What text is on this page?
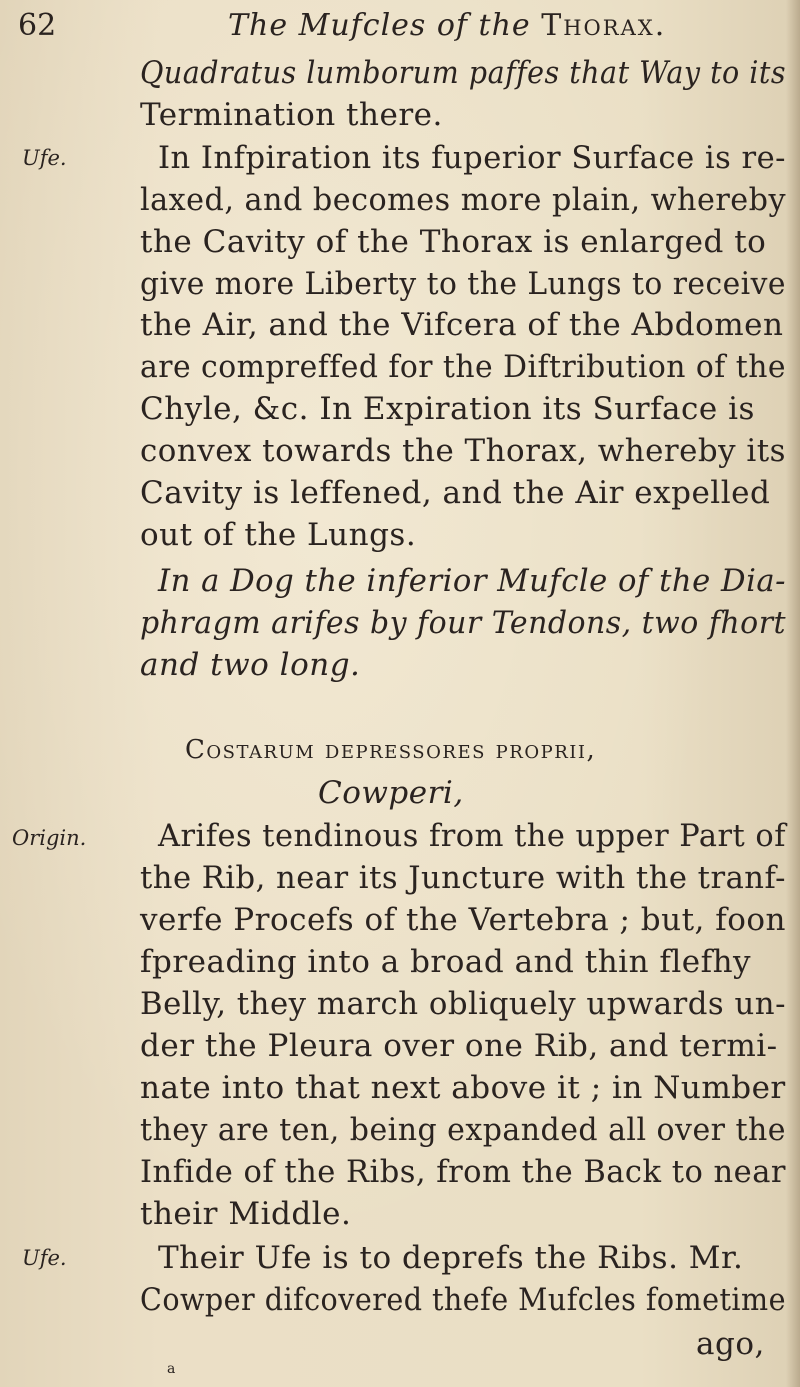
62	The Mufcles of the Thorax.
Quadratus lumborum paffes that Way to its
Termination there.
Ufe.	In Infpiration its fuperior Surface is re-
laxed, and becomes more plain, whereby
the Cavity of the Thorax is enlarged to
give more Liberty to the Lungs to receive
the Air, and the Vifcera of the Abdomen
are compreffed for the Diftribution of the
Chyle, &c. In Expiration its Surface is
convex towards the Thorax, whereby its
Cavity is leffened, and the Air expelled
out of the Lungs.
In a Dog the inferior Mufcle of the Dia-
phragm arifes by four Tendons, two fhort
and two long.
Costarum depressores proprii,
Cowperi,
Origin. Arifes tendinous from the upper Part of
the Rib, near its Juncture with the tranf-
verfe Procefs of the Vertebra ; but, foon
fpreading into a broad and thin flefhy
Belly, they march obliquely upwards un-
der the Pleura over one Rib, and termi-
nate into that next above it ; in Number
they are ten, being expanded all over the
Infide of the Ribs, from the Back to near
their Middle.
Ufe.	Their Ufe is to deprefs the Ribs. Mr.
Cowper difcovered thefe Mufcles fometime
a
ago,
